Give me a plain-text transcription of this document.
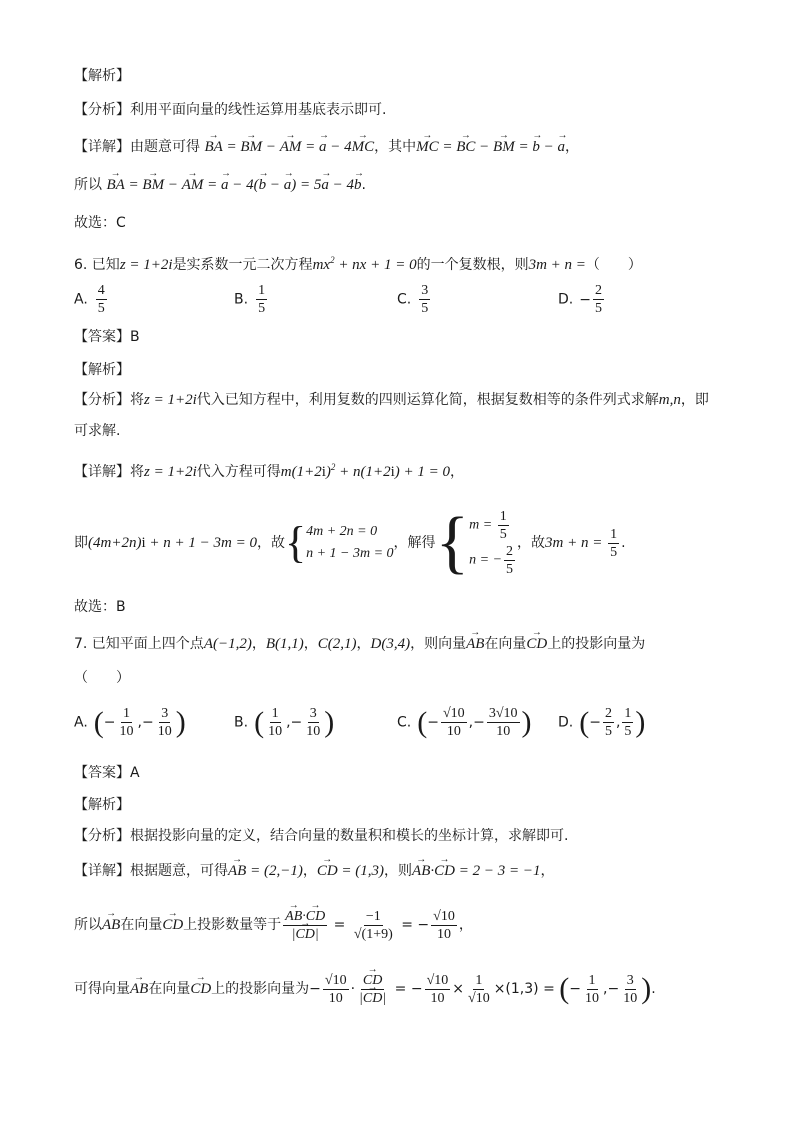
【解析】
【分析】利用平面向量的线性运算用基底表示即可.
【详解】由题意可得 → BA = → BM − → AM = → a − 4→ MC，其中→ MC = → BC − → BM = → b − → a，
所以 → BA = → BM − → AM = → a − 4(→ b − → a) = 5→ a − 4→ b.
故选：C
6. 已知z = 1+2i是实系数一元二次方程$mx^2$ + nx + 1 = 0的一个复数根，则3m + n =（　　）
A. $\frac{4}{5}$	B. $\frac{1}{5}$	C. $\frac{3}{5}$	D. − $\frac{2}{5}$
【答案】B
【解析】
【分析】将z = 1+2i代入已知方程中，利用复数的四则运算化简，根据复数相等的条件列式求解m,n，即
可求解.
【详解】将z = 1+2i代入方程可得$m(1+2i)^2 + n(1+2i) + 1 = 0$，
即(4m+2n)i + n + 1 − 3m = 0，故{ 4m + 2n = 0
n + 1 − 3m = 0
，解得{ $m = \frac{1}{5}$
n = − $\frac{2}{5}$ ，故$3m + n = \frac{1}{5}$ .
故选：B
7. 已知平面上四个点A(−1,2)，B(1,1)，C(2,1)，D(3,4)，则向量→ AB在向量→ CD上的投影向量为
（　　）
A. (− $\frac{1}{10}$ ,− $\frac{3}{10}$ )	B. ( $\frac{1}{10}$ ,− $\frac{3}{10}$ )	C. (− $\frac{√10}{10}$ ,− $\frac{3√10}{10}$ ) D. (− $\frac{2}{5}$ , $\frac{1}{5}$ )
【答案】A
【解析】
【分析】根据投影向量的定义，结合向量的数量积和模长的坐标计算，求解即可.
【详解】根据题意，可得→ AB = (2,−1)，→ CD = (1,3)，则→ AB·→ CD = 2 − 3 = −1，
所以→ AB在向量→ CD上投影数量等于 → $\frac{AB\cdot\to CD}{|\to CD|} = \frac{-1}{√(1+9)}$ = − $\frac{√10}{10}$ ，
可得向量→ AB在向量→ CD上的投影向量为− $\frac{√10}{10}$ · → $\frac{CD}{|\to CD|}$ = − $\frac{√10}{10} \times \frac{1}{√10} \times(1,3)$ = (− $\frac{1}{10}$ ,− $\frac{3}{10}$ ).
